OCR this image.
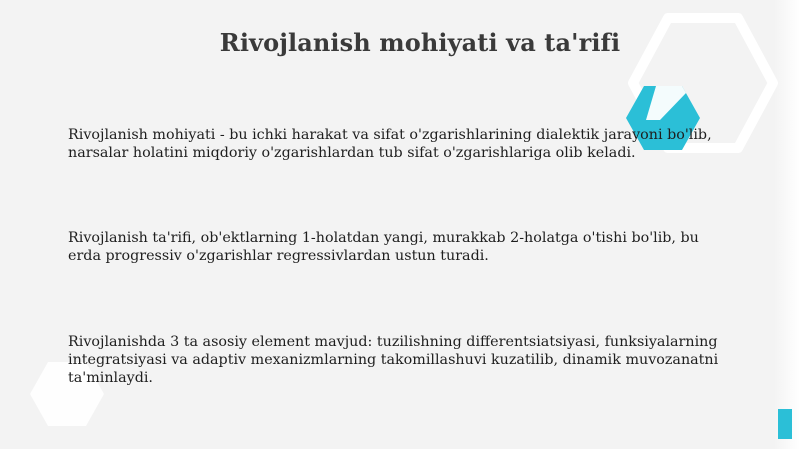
Rivojlanish mohiyati va ta'rifi
Rivojlanish mohiyati - bu ichki harakat va sifat o'zgarishlarining dialektik jarayoni bo'lib, narsalar holatini miqdoriy o'zgarishlardan tub sifat o'zgarishlariga olib keladi.
Rivojlanish ta'rifi, ob'ektlarning 1-holatdan yangi, murakkab 2-holatga o'tishi bo'lib, bu erda progressiv o'zgarishlar regressivlardan ustun turadi.
Rivojlanishda 3 ta asosiy element mavjud: tuzilishning differentsiatsiyasi, funksiyalarning integratsiyasi va adaptiv mexanizmlarning takomillashuvi kuzatilib, dinamik muvozanatni ta'minlaydi.
